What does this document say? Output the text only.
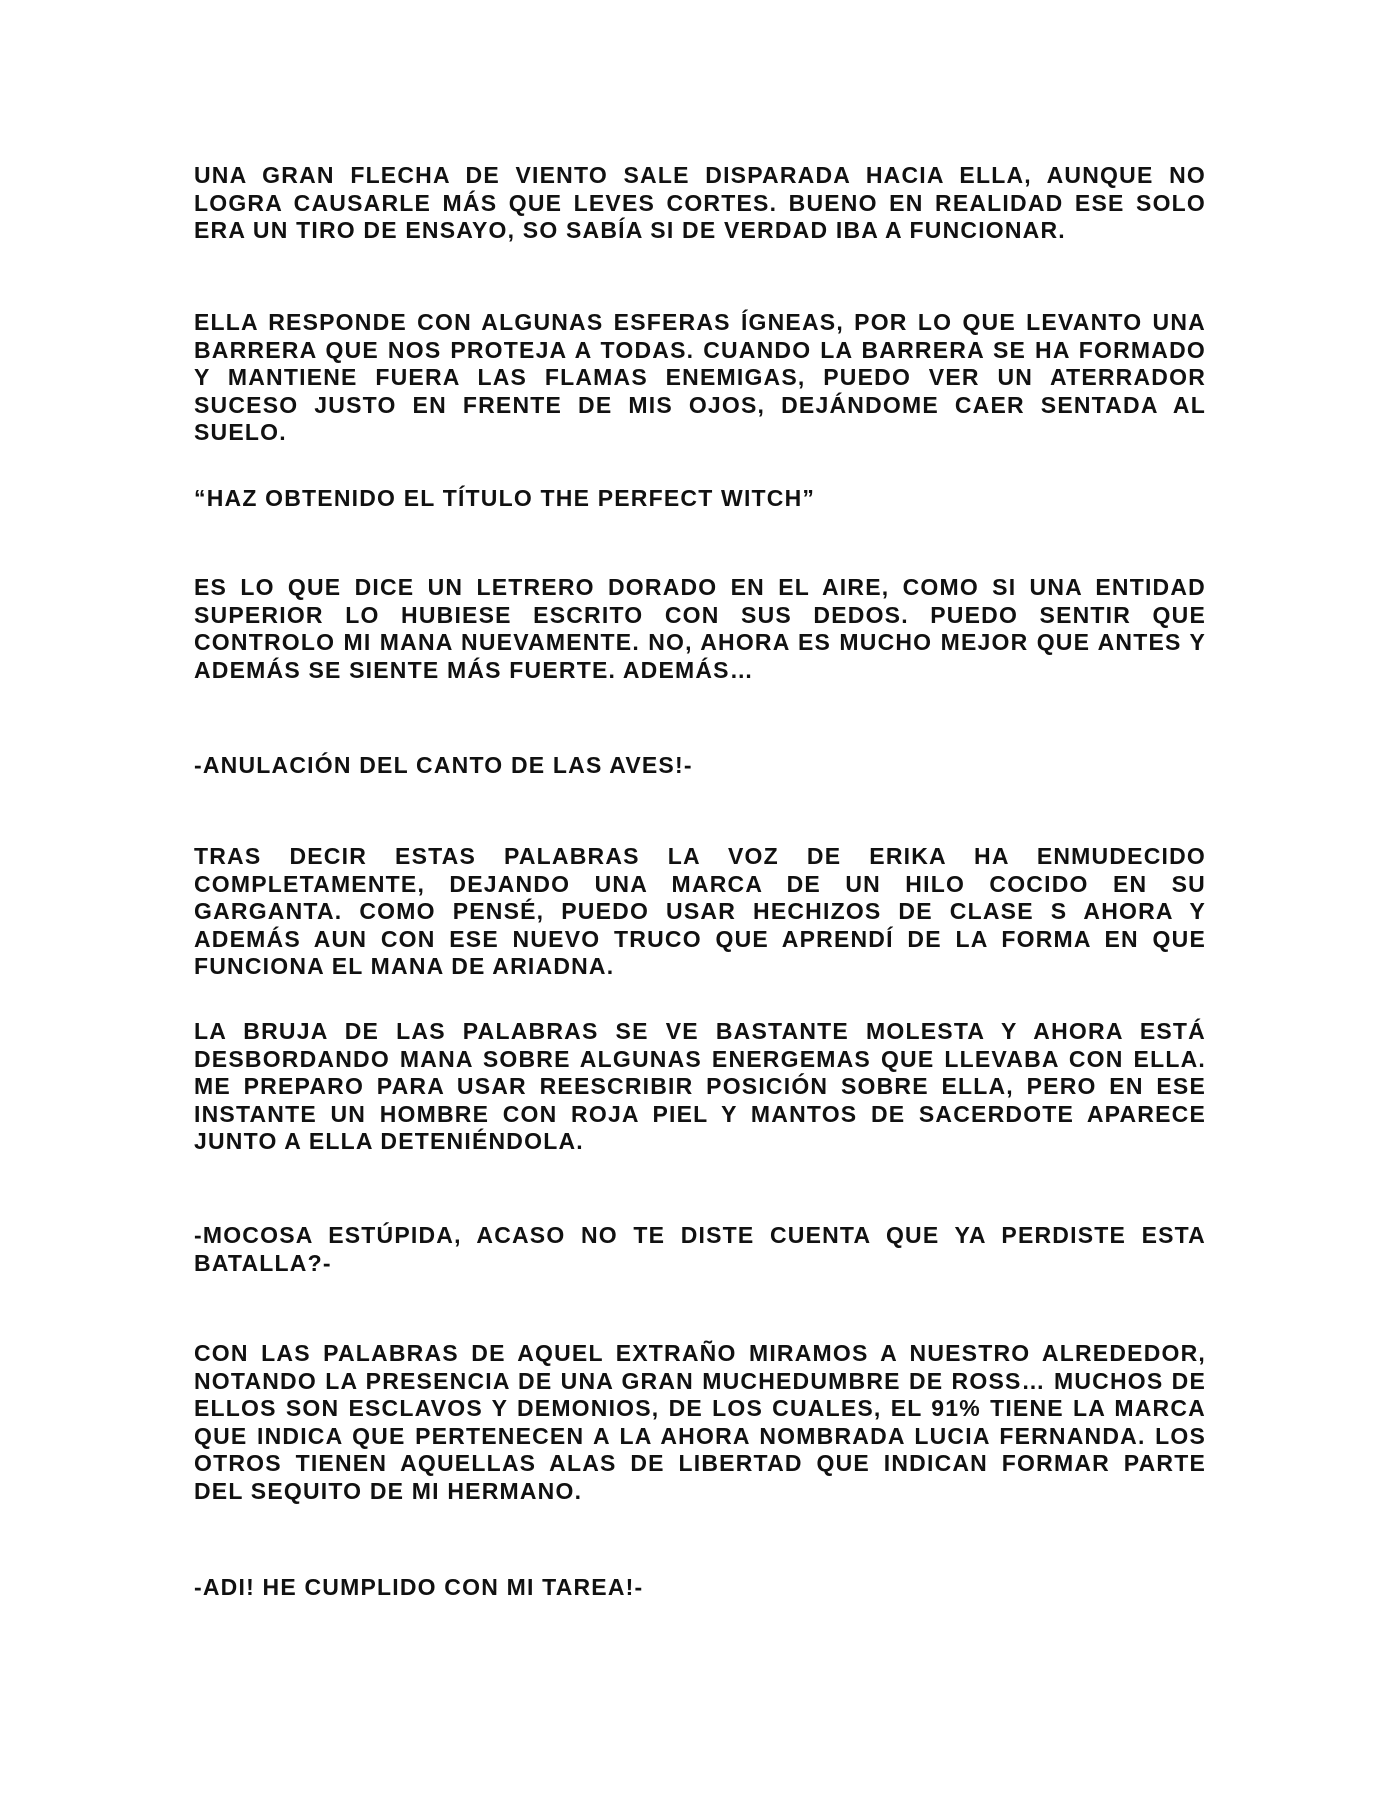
UNA GRAN FLECHA DE VIENTO SALE DISPARADA HACIA ELLA, AUNQUE NO LOGRA CAUSARLE MÁS QUE LEVES CORTES. BUENO EN REALIDAD ESE SOLO ERA UN TIRO DE ENSAYO, SO SABÍA SI DE VERDAD IBA A FUNCIONAR.

ELLA RESPONDE CON ALGUNAS ESFERAS ÍGNEAS, POR LO QUE LEVANTO UNA BARRERA QUE NOS PROTEJA A TODAS. CUANDO LA BARRERA SE HA FORMADO Y MANTIENE FUERA LAS FLAMAS ENEMIGAS, PUEDO VER UN ATERRADOR SUCESO JUSTO EN FRENTE DE MIS OJOS, DEJÁNDOME CAER SENTADA AL SUELO.

“HAZ OBTENIDO EL TÍTULO THE PERFECT WITCH”

ES LO QUE DICE UN LETRERO DORADO EN EL AIRE, COMO SI UNA ENTIDAD SUPERIOR LO HUBIESE ESCRITO CON SUS DEDOS. PUEDO SENTIR QUE CONTROLO MI MANA NUEVAMENTE. NO, AHORA ES MUCHO MEJOR QUE ANTES Y ADEMÁS SE SIENTE MÁS FUERTE. ADEMÁS…

-ANULACIÓN DEL CANTO DE LAS AVES!-

TRAS DECIR ESTAS PALABRAS LA VOZ DE ERIKA HA ENMUDECIDO COMPLETAMENTE, DEJANDO UNA MARCA DE UN HILO COCIDO EN SU GARGANTA. COMO PENSÉ, PUEDO USAR HECHIZOS DE CLASE S AHORA Y ADEMÁS AUN CON ESE NUEVO TRUCO QUE APRENDÍ DE LA FORMA EN QUE FUNCIONA EL MANA DE ARIADNA.

LA BRUJA DE LAS PALABRAS SE VE BASTANTE MOLESTA Y AHORA ESTÁ DESBORDANDO MANA SOBRE ALGUNAS ENERGEMAS QUE LLEVABA CON ELLA. ME PREPARO PARA USAR REESCRIBIR POSICIÓN SOBRE ELLA, PERO EN ESE INSTANTE UN HOMBRE CON ROJA PIEL Y MANTOS DE SACERDOTE APARECE JUNTO A ELLA DETENIÉNDOLA.

-MOCOSA ESTÚPIDA, ACASO NO TE DISTE CUENTA QUE YA PERDISTE ESTA BATALLA?-

CON LAS PALABRAS DE AQUEL EXTRAÑO MIRAMOS A NUESTRO ALREDEDOR, NOTANDO LA PRESENCIA DE UNA GRAN MUCHEDUMBRE DE ROSS… MUCHOS DE ELLOS SON ESCLAVOS Y DEMONIOS, DE LOS CUALES, EL 91% TIENE LA MARCA QUE INDICA QUE PERTENECEN A LA AHORA NOMBRADA LUCIA FERNANDA. LOS OTROS TIENEN AQUELLAS ALAS DE LIBERTAD QUE INDICAN FORMAR PARTE DEL SEQUITO DE MI HERMANO.

-ADI! HE CUMPLIDO CON MI TAREA!-
